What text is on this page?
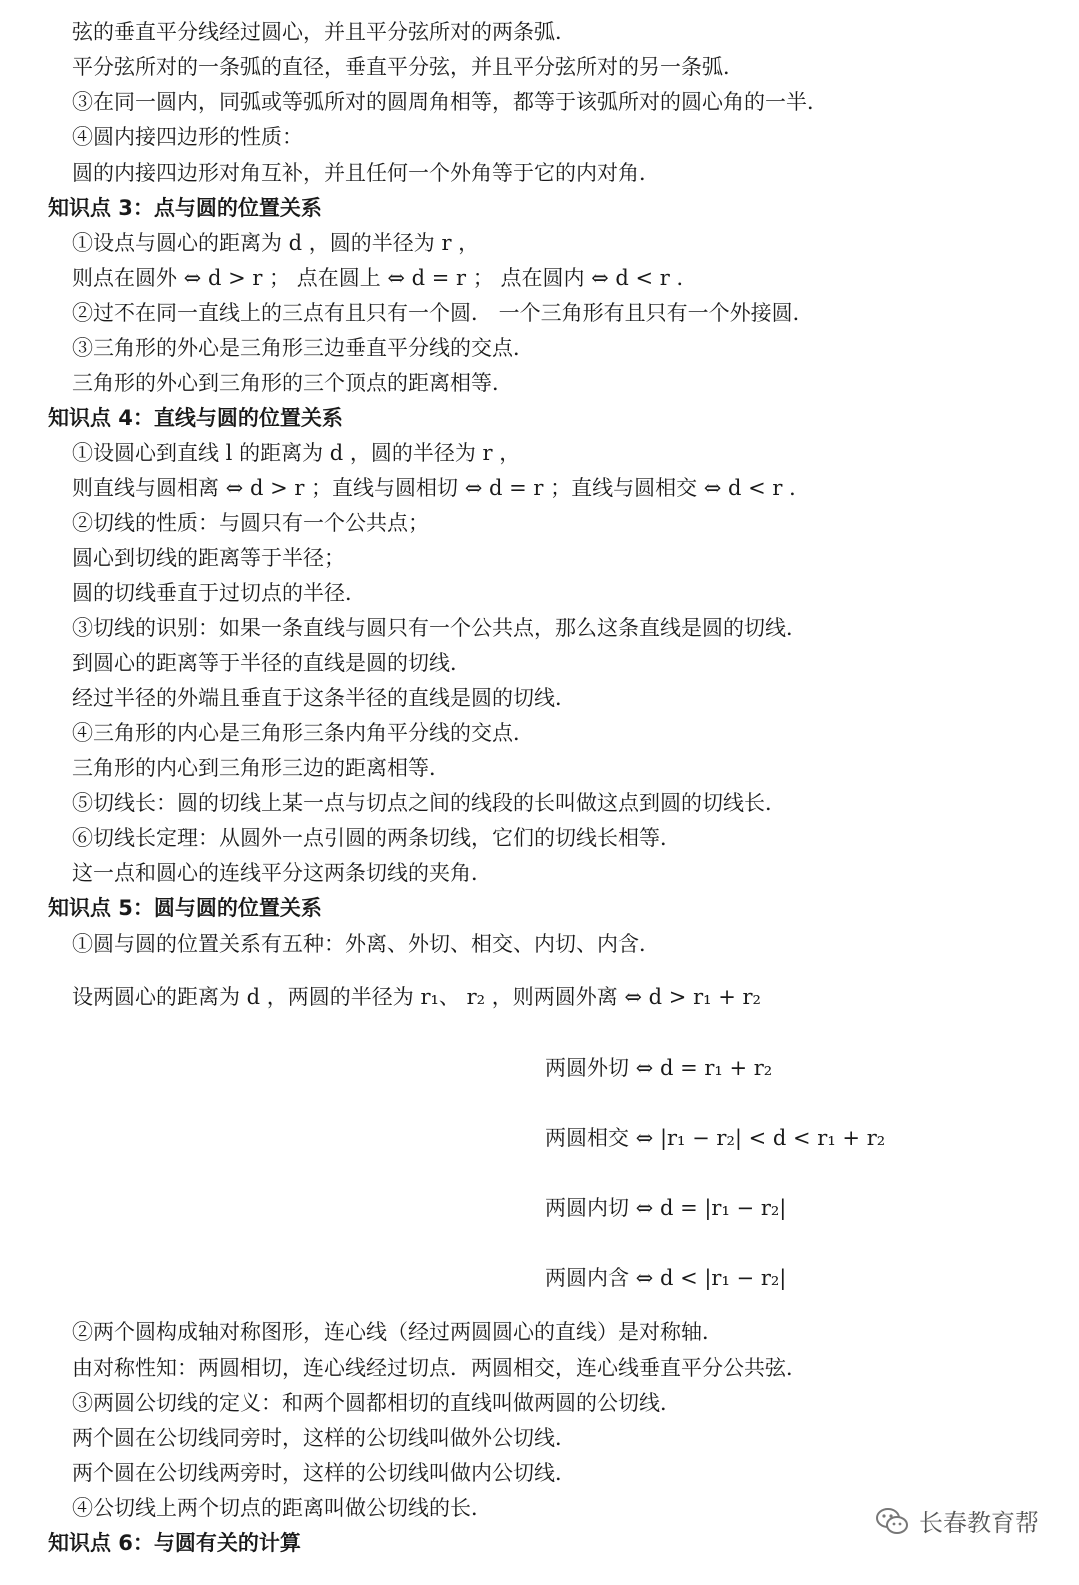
弦的垂直平分线经过圆心，并且平分弦所对的两条弧．
平分弦所对的一条弧的直径，垂直平分弦，并且平分弦所对的另一条弧．
③在同一圆内，同弧或等弧所对的圆周角相等，都等于该弧所对的圆心角的一半．
④圆内接四边形的性质：
圆的内接四边形对角互补，并且任何一个外角等于它的内对角．
知识点 3：点与圆的位置关系
①设点与圆心的距离为 d ，圆的半径为 r ，
则点在圆外 ⇔ d > r ； 点在圆上 ⇔ d = r ； 点在圆内 ⇔ d < r ．
②过不在同一直线上的三点有且只有一个圆． 一个三角形有且只有一个外接圆．
③三角形的外心是三角形三边垂直平分线的交点．
三角形的外心到三角形的三个顶点的距离相等．
知识点 4：直线与圆的位置关系
①设圆心到直线 l 的距离为 d ，圆的半径为 r ，
则直线与圆相离 ⇔ d > r ；直线与圆相切 ⇔ d = r ；直线与圆相交 ⇔ d < r ．
②切线的性质：与圆只有一个公共点；
圆心到切线的距离等于半径；
圆的切线垂直于过切点的半径．
③切线的识别：如果一条直线与圆只有一个公共点，那么这条直线是圆的切线．
到圆心的距离等于半径的直线是圆的切线．
经过半径的外端且垂直于这条半径的直线是圆的切线．
④三角形的内心是三角形三条内角平分线的交点．
三角形的内心到三角形三边的距离相等．
⑤切线长：圆的切线上某一点与切点之间的线段的长叫做这点到圆的切线长．
⑥切线长定理：从圆外一点引圆的两条切线，它们的切线长相等．
这一点和圆心的连线平分这两条切线的夹角．
知识点 5：圆与圆的位置关系
①圆与圆的位置关系有五种：外离、外切、相交、内切、内含．
设两圆心的距离为 d ，两圆的半径为 r₁、 r₂ ，则两圆外离 ⇔ d > r₁ + r₂
两圆外切 ⇔ d = r₁ + r₂
两圆相交 ⇔ |r₁ − r₂| < d < r₁ + r₂
两圆内切 ⇔ d = |r₁ − r₂|
两圆内含 ⇔ d < |r₁ − r₂|
②两个圆构成轴对称图形，连心线（经过两圆圆心的直线）是对称轴．
由对称性知：两圆相切，连心线经过切点．两圆相交，连心线垂直平分公共弦．
③两圆公切线的定义：和两个圆都相切的直线叫做两圆的公切线．
两个圆在公切线同旁时，这样的公切线叫做外公切线．
两个圆在公切线两旁时，这样的公切线叫做内公切线．
④公切线上两个切点的距离叫做公切线的长．
知识点 6：与圆有关的计算
长春教育帮
